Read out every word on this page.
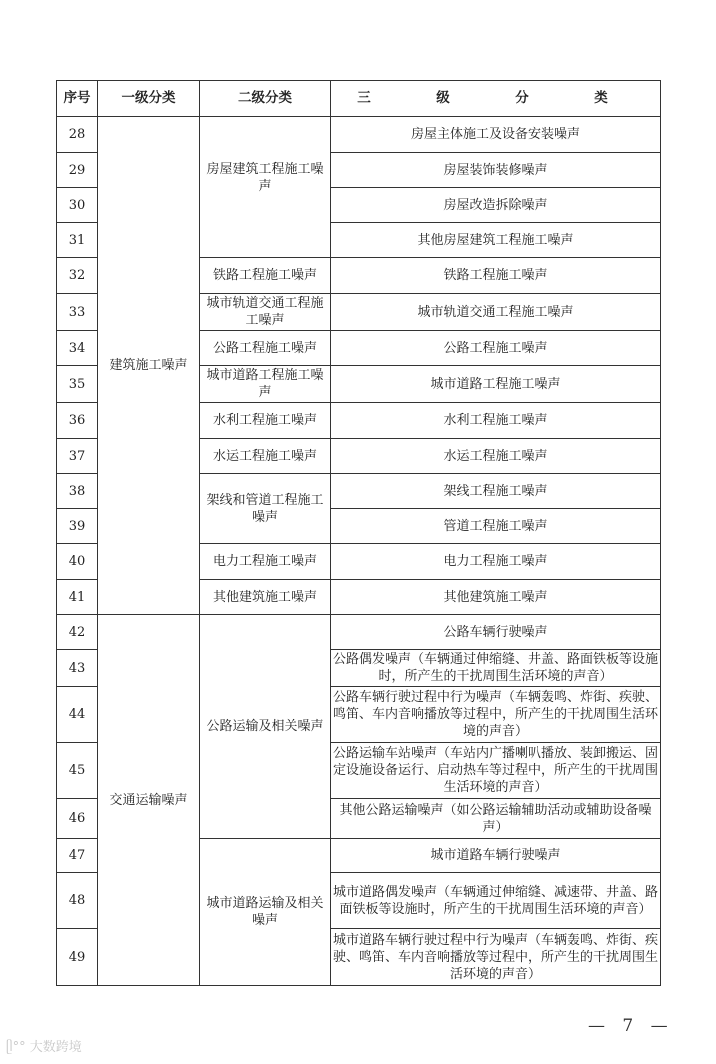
序号	一级分类	二级分类	三　级　分　类
28	建筑施工噪声	房屋建筑工程施工噪声	房屋主体施工及设备安装噪声
29			房屋装饰装修噪声
30			房屋改造拆除噪声
31			其他房屋建筑工程施工噪声
32		铁路工程施工噪声	铁路工程施工噪声
33		城市轨道交通工程施工噪声	城市轨道交通工程施工噪声
34		公路工程施工噪声	公路工程施工噪声
35		城市道路工程施工噪声	城市道路工程施工噪声
36		水利工程施工噪声	水利工程施工噪声
37		水运工程施工噪声	水运工程施工噪声
38		架线和管道工程施工噪声	架线工程施工噪声
39			管道工程施工噪声
40		电力工程施工噪声	电力工程施工噪声
41		其他建筑施工噪声	其他建筑施工噪声
42	交通运输噪声	公路运输及相关噪声	公路车辆行驶噪声
43			公路偶发噪声（车辆通过伸缩缝、井盖、路面铁板等设施时，所产生的干扰周围生活环境的声音）
44			公路车辆行驶过程中行为噪声（车辆轰鸣、炸街、疾驶、鸣笛、车内音响播放等过程中，所产生的干扰周围生活环境的声音）
45			公路运输车站噪声（车站内广播喇叭播放、装卸搬运、固定设施设备运行、启动热车等过程中，所产生的干扰周围生活环境的声音）
46			其他公路运输噪声（如公路运输辅助活动或辅助设备噪声）
47		城市道路运输及相关噪声	城市道路车辆行驶噪声
48			城市道路偶发噪声（车辆通过伸缩缝、减速带、井盖、路面铁板等设施时，所产生的干扰周围生活环境的声音）
49			城市道路车辆行驶过程中行为噪声（车辆轰鸣、炸街、疾驶、鸣笛、车内音响播放等过程中，所产生的干扰周围生活环境的声音）
— 7 —
ᥫ°° 大数跨境
